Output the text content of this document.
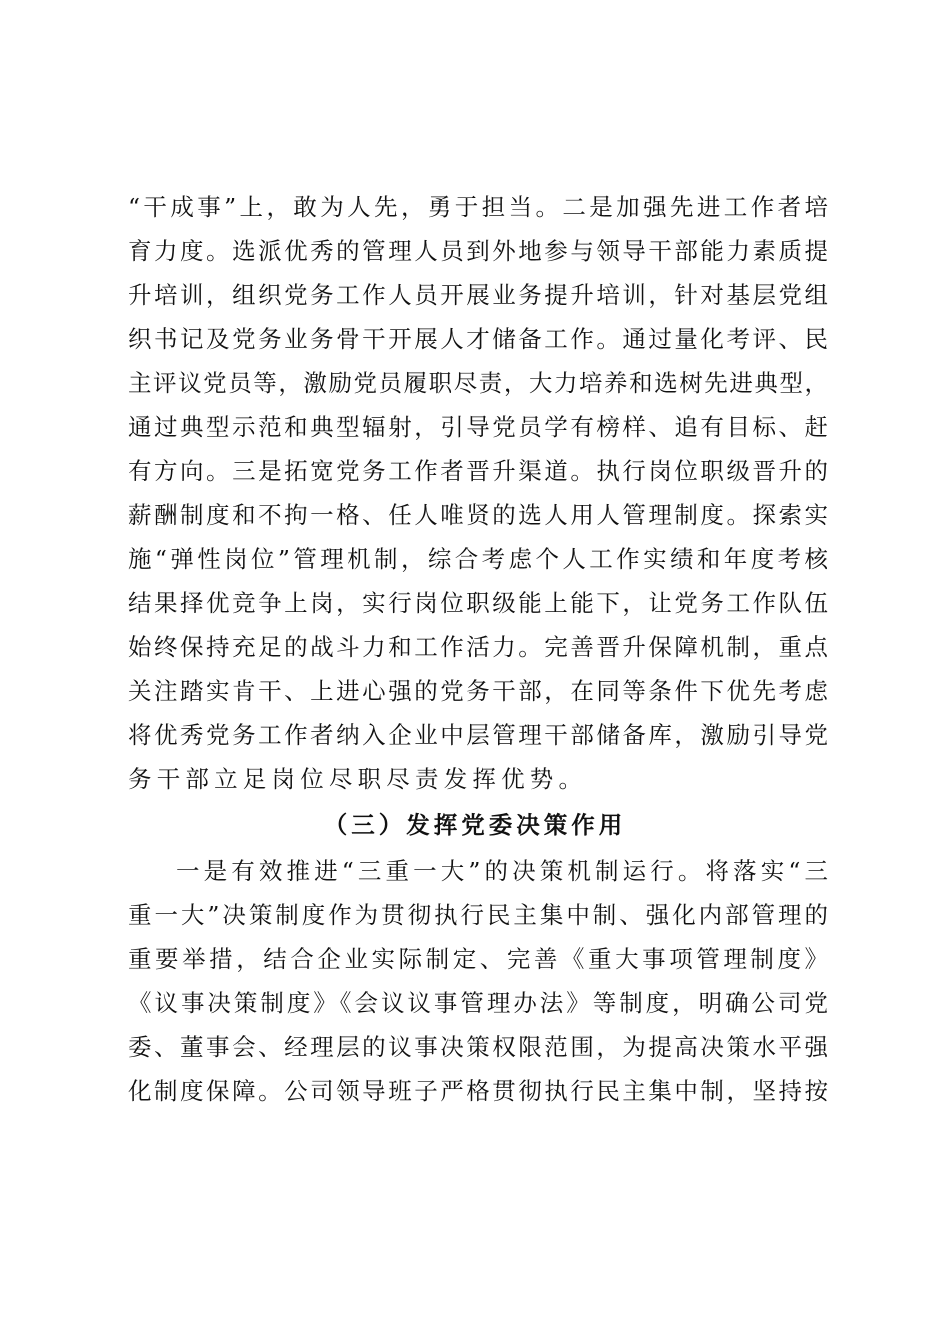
“干成事”上，敢为人先，勇于担当。二是加强先进工作者培
育力度。选派优秀的管理人员到外地参与领导干部能力素质提
升培训，组织党务工作人员开展业务提升培训，针对基层党组
织书记及党务业务骨干开展人才储备工作。通过量化考评、民
主评议党员等，激励党员履职尽责，大力培养和选树先进典型，
通过典型示范和典型辐射，引导党员学有榜样、追有目标、赶
有方向。三是拓宽党务工作者晋升渠道。执行岗位职级晋升的
薪酬制度和不拘一格、任人唯贤的选人用人管理制度。探索实
施“弹性岗位”管理机制，综合考虑个人工作实绩和年度考核
结果择优竞争上岗，实行岗位职级能上能下，让党务工作队伍
始终保持充足的战斗力和工作活力。完善晋升保障机制，重点
关注踏实肯干、上进心强的党务干部，在同等条件下优先考虑
将优秀党务工作者纳入企业中层管理干部储备库，激励引导党
务干部立足岗位尽职尽责发挥优势。
（三）发挥党委决策作用
一是有效推进“三重一大”的决策机制运行。将落实“三
重一大”决策制度作为贯彻执行民主集中制、强化内部管理的
重要举措，结合企业实际制定、完善《重大事项管理制度》
《议事决策制度》《会议议事管理办法》等制度，明确公司党
委、董事会、经理层的议事决策权限范围，为提高决策水平强
化制度保障。公司领导班子严格贯彻执行民主集中制，坚持按
